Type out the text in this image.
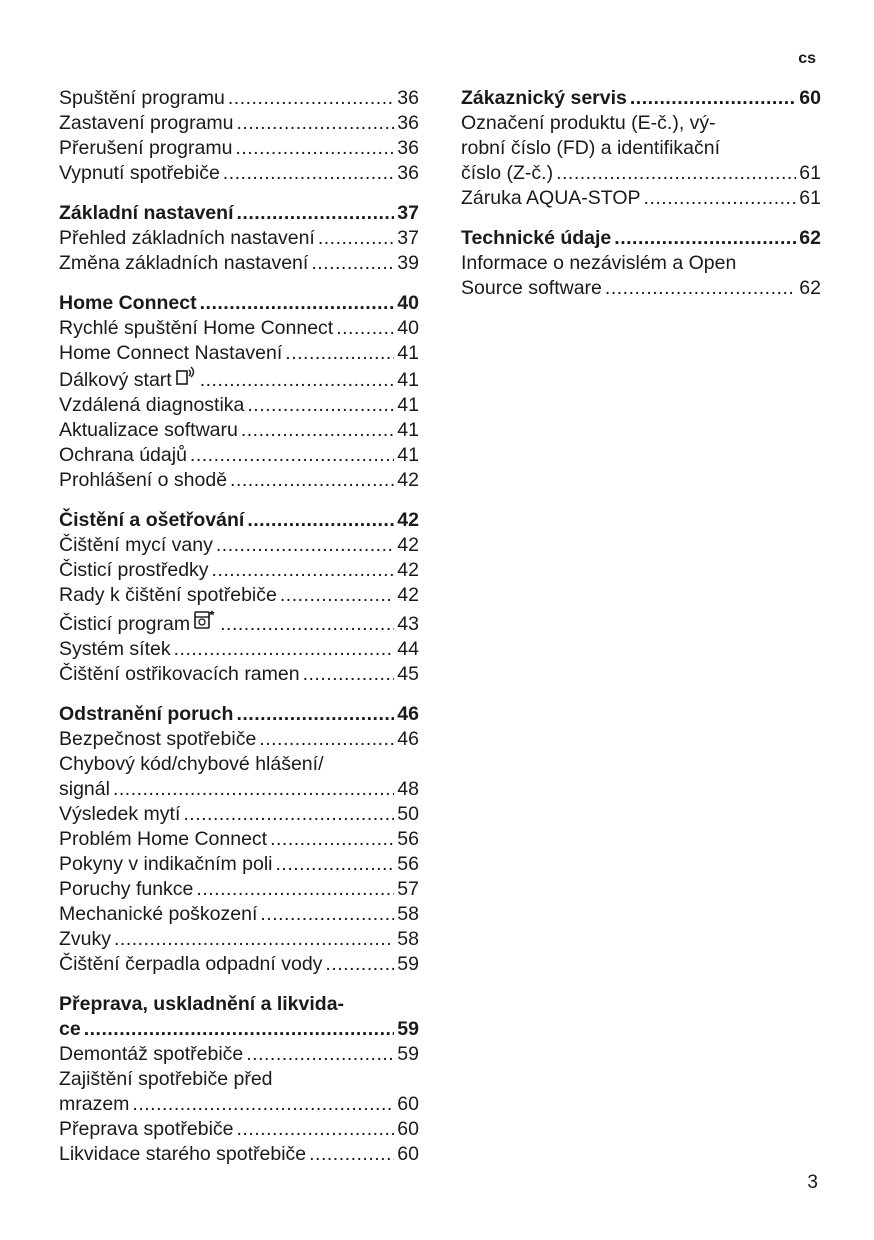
cs
Spuštění programu .....	36
Zastavení programu .....	36
Přerušení programu .....	36
Vypnutí spotřebiče .....	36
Základní nastavení .....	37
Přehled základních nastavení .....	37
Změna základních nastavení .....	39
Home Connect .....	40
Rychlé spuštění Home Connect .....	40
Home Connect Nastavení .....	41
Dálkový start .....	41
Vzdálená diagnostika .....	41
Aktualizace softwaru .....	41
Ochrana údajů .....	41
Prohlášení o shodě .....	42
Čistění a ošetřování .....	42
Čištění mycí vany .....	42
Čisticí prostředky .....	42
Rady k čištění spotřebiče .....	42
Čisticí program .....	43
Systém sítek .....	44
Čištění ostřikovacích ramen .....	45
Odstranění poruch .....	46
Bezpečnost spotřebiče .....	46
Chybový kód/chybové hlášení/
signál .....	48
Výsledek mytí .....	50
Problém Home Connect .....	56
Pokyny v indikačním poli .....	56
Poruchy funkce .....	57
Mechanické poškození .....	58
Zvuky .....	58
Čištění čerpadla odpadní vody .....	59
Přeprava, uskladnění a likvida-
ce .....	59
Demontáž spotřebiče .....	59
Zajištění spotřebiče před
mrazem .....	60
Přeprava spotřebiče .....	60
Likvidace starého spotřebiče .....	60
Zákaznický servis .....	60
Označení produktu (E-č.), vý-
robní číslo (FD) a identifikační
číslo (Z-č.) .....	61
Záruka AQUA-STOP .....	61
Technické údaje .....	62
Informace o nezávislém a Open
Source software .....	62
3
